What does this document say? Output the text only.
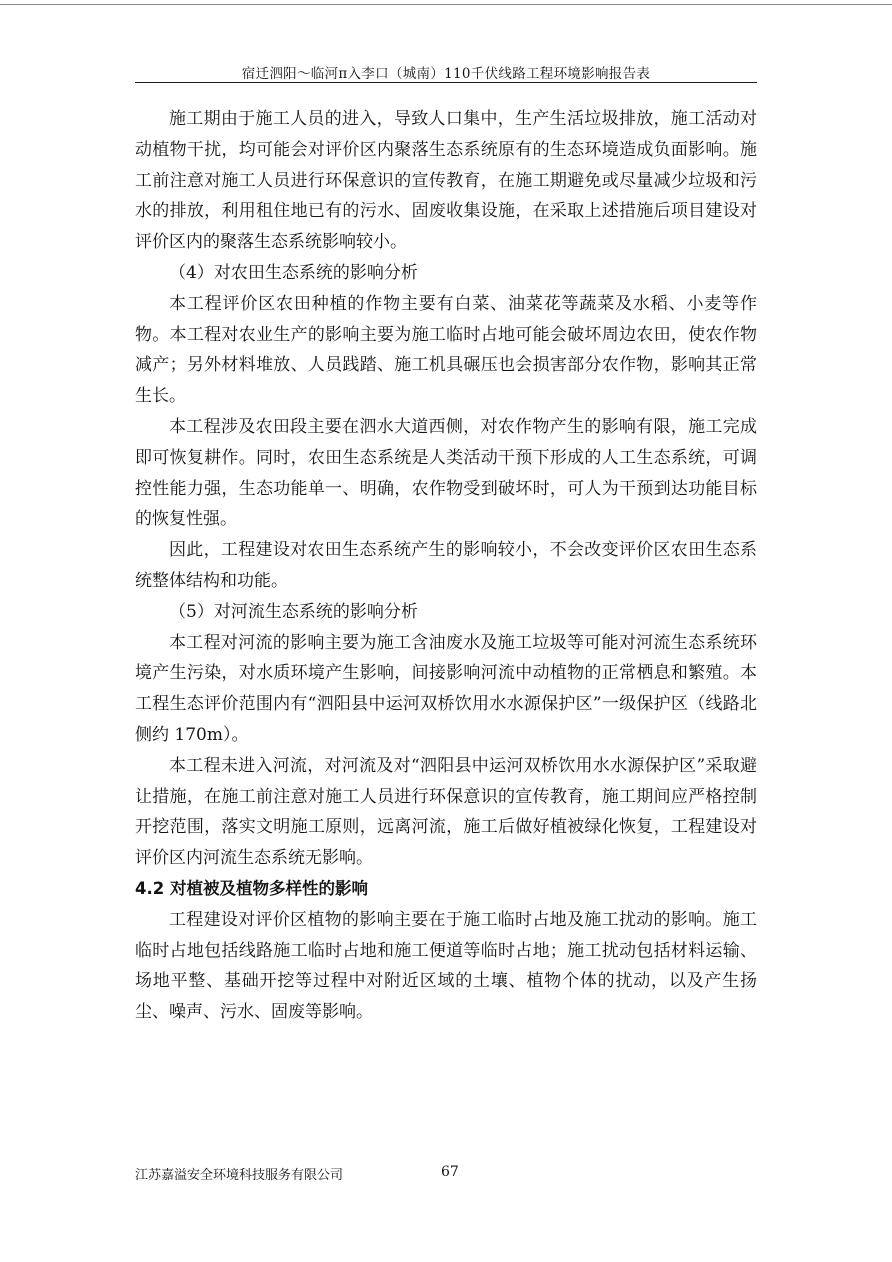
宿迁泗阳～临河π入李口（城南）110千伏线路工程环境影响报告表

施工期由于施工人员的进入，导致人口集中，生产生活垃圾排放，施工活动对动植物干扰，均可能会对评价区内聚落生态系统原有的生态环境造成负面影响。施工前注意对施工人员进行环保意识的宣传教育，在施工期避免或尽量减少垃圾和污水的排放，利用租住地已有的污水、固废收集设施，在采取上述措施后项目建设对评价区内的聚落生态系统影响较小。

（4）对农田生态系统的影响分析

本工程评价区农田种植的作物主要有白菜、油菜花等蔬菜及水稻、小麦等作物。本工程对农业生产的影响主要为施工临时占地可能会破坏周边农田，使农作物减产；另外材料堆放、人员践踏、施工机具碾压也会损害部分农作物，影响其正常生长。

本工程涉及农田段主要在泗水大道西侧，对农作物产生的影响有限，施工完成即可恢复耕作。同时，农田生态系统是人类活动干预下形成的人工生态系统，可调控性能力强，生态功能单一、明确，农作物受到破坏时，可人为干预到达功能目标的恢复性强。

因此，工程建设对农田生态系统产生的影响较小，不会改变评价区农田生态系统整体结构和功能。

（5）对河流生态系统的影响分析

本工程对河流的影响主要为施工含油废水及施工垃圾等可能对河流生态系统环境产生污染，对水质环境产生影响，间接影响河流中动植物的正常栖息和繁殖。本工程生态评价范围内有“泗阳县中运河双桥饮用水水源保护区”一级保护区（线路北侧约 170m）。

本工程未进入河流，对河流及对“泗阳县中运河双桥饮用水水源保护区”采取避让措施，在施工前注意对施工人员进行环保意识的宣传教育，施工期间应严格控制开挖范围，落实文明施工原则，远离河流，施工后做好植被绿化恢复，工程建设对评价区内河流生态系统无影响。

4.2 对植被及植物多样性的影响

工程建设对评价区植物的影响主要在于施工临时占地及施工扰动的影响。施工临时占地包括线路施工临时占地和施工便道等临时占地；施工扰动包括材料运输、场地平整、基础开挖等过程中对附近区域的土壤、植物个体的扰动，以及产生扬尘、噪声、污水、固废等影响。

江苏嘉溢安全环境科技服务有限公司	67
